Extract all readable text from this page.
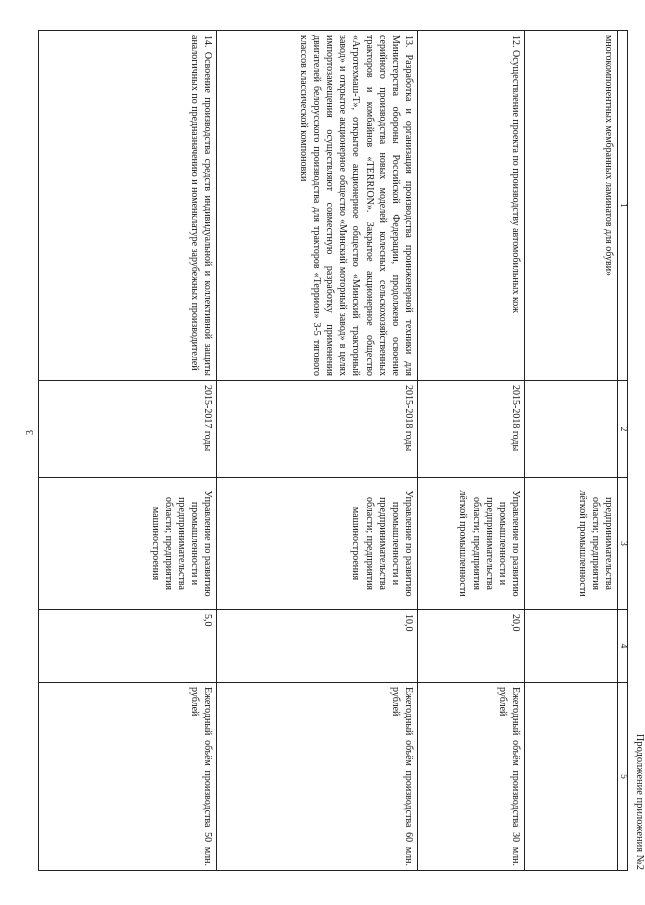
3
Продолжение приложения №2
1	2	3	4	5
многокомпонентных мембранных ламинатов для обуви»		предпринимательства области; предприятия лёгкой промышленности		
12. Осуществление проекта по производству автомобильных кож	2015-2018 годы	Управление по развитию промышленности и предпринимательства области; предприятия лёгкой промышленности	20,0	Ежегодный объём производства 30 млн. рублей
13. Разработка и организация производства проинженерной техники для Министерства обороны Российской Федерации, продолжено освоение серийного производства новых моделей колесных сельскохозяйственных тракторов и комбайнов «TERRION». Закрытое акционерное общество «Агротехмаш-Т», открытое акционерное общество «Минский тракторный завод» и открытое акционерное общество «Минский моторный завод» в целях импортозамещения осуществляют совместную разработку применения двигателей белорусского производства для тракторов «Террион» 3-5 тягового классов классической компоновки	2015-2018 годы	Управление по развитию промышленности и предпринимательства области; предприятия машиностроения	10,0	Ежегодный объём производства 60 млн. рублей
14. Освоение производства средств индивидуальной и коллективной защиты аналогичных по предназначению и номенклатуре зарубежных производителей	2015-2017 годы	Управление по развитию промышленности и предпринимательства области; предприятия машиностроения	5,0	Ежегодный объём производства 50 млн. рублей
